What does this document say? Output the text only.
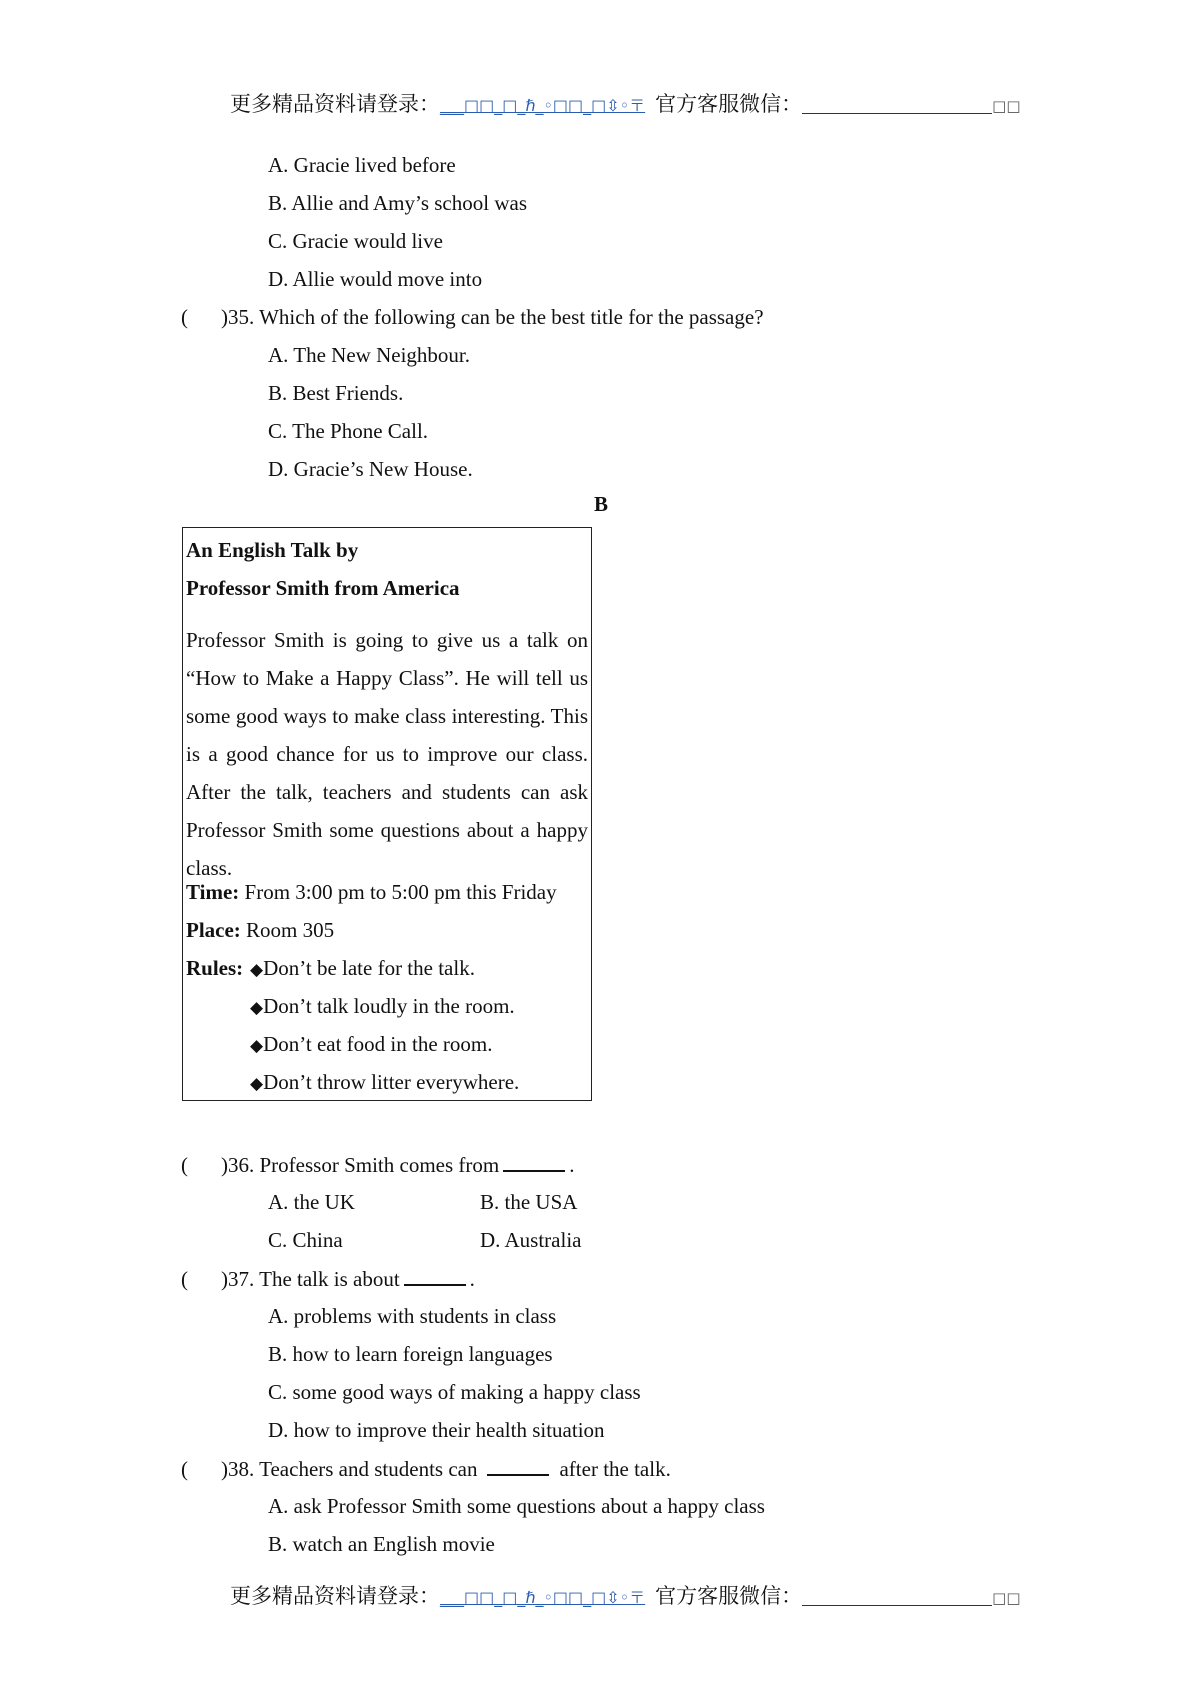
更多精品资料请登录：___□□_□_ℏ_◦□□_□⇳◦〒 官方客服微信：	□□
A. Gracie lived before
B. Allie and Amy’s school was
C. Gracie would live
D. Allie would move into
( )35. Which of the following can be the best title for the passage?
A. The New Neighbour.
B. Best Friends.
C. The Phone Call.
D. Gracie’s New House.
B
An English Talk by
Professor Smith from America
Professor Smith is going to give us a talk on “How to Make a Happy Class”. He will tell us some good ways to make class interesting. This is a good chance for us to improve our class. After the talk, teachers and students can ask Professor Smith some questions about a happy class.
Time: From 3:00 pm to 5:00 pm this Friday
Place: Room 305
Rules: ◆Don’t be late for the talk.
◆Don’t talk loudly in the room.
◆Don’t eat food in the room.
◆Don’t throw litter everywhere.
( )36. Professor Smith comes from	.
A. the UK	B. the USA
C. China	D. Australia
( )37. The talk is about	.
A. problems with students in class
B. how to learn foreign languages
C. some good ways of making a happy class
D. how to improve their health situation
( )38. Teachers and students can	after the talk.
A. ask Professor Smith some questions about a happy class
B. watch an English movie
更多精品资料请登录：___□□_□_ℏ_◦□□_□⇳◦〒 官方客服微信：	□□
